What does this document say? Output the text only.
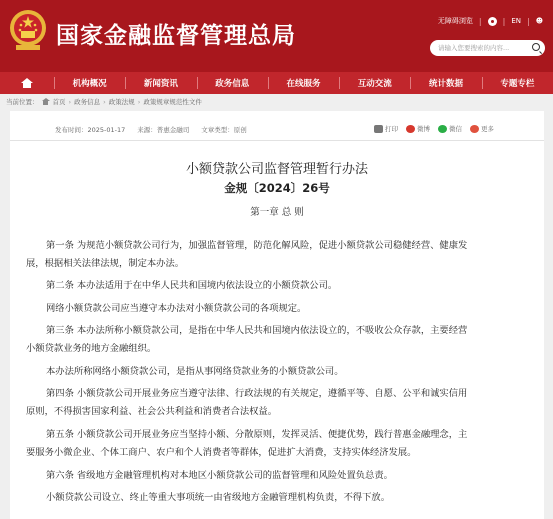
国家金融监督管理总局
无障碍浏览 |	| EN | ☻
请输入您要搜索的内容...
机构概况	新闻资讯	政务信息	在线服务	互动交流	统计数据	专题专栏
当前位置： 首页 › 政务信息 › 政策法规 › 政策规章规范性文件
发布时间：2025-01-17 来源：普惠金融司 文章类型：原创	打印	微博	微信	更多
小额贷款公司监督管理暂行办法
金规〔2024〕26号
第一章 总 则
第一条 为规范小额贷款公司行为，加强监督管理，防范化解风险，促进小额贷款公司稳健经营、健康发
展，根据相关法律法规，制定本办法。
第二条 本办法适用于在中华人民共和国境内依法设立的小额贷款公司。
网络小额贷款公司应当遵守本办法对小额贷款公司的各项规定。
第三条 本办法所称小额贷款公司，是指在中华人民共和国境内依法设立的，不吸收公众存款，主要经营
小额贷款业务的地方金融组织。
本办法所称网络小额贷款公司，是指从事网络贷款业务的小额贷款公司。
第四条 小额贷款公司开展业务应当遵守法律、行政法规的有关规定，遵循平等、自愿、公平和诚实信用
原则，不得损害国家利益、社会公共利益和消费者合法权益。
第五条 小额贷款公司开展业务应当坚持小额、分散原则，发挥灵活、便捷优势，践行普惠金融理念，主
要服务小微企业、个体工商户、农户和个人消费者等群体，促进扩大消费，支持实体经济发展。
第六条 省级地方金融管理机构对本地区小额贷款公司的监督管理和风险处置负总责。
小额贷款公司设立、终止等重大事项统一由省级地方金融管理机构负责，不得下放。
